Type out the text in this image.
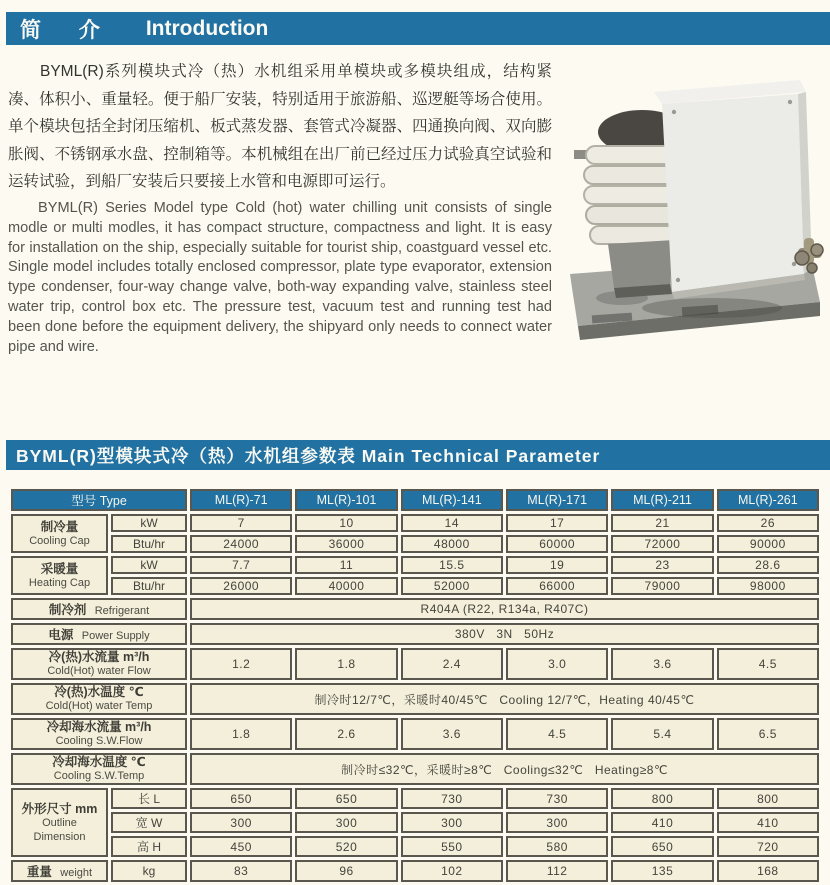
简 介 Introduction

BYML(R)系列模块式冷（热）水机组采用单模块或多模块组成，结构紧凑、体积小、重量轻。便于船厂安装，特别适用于旅游船、巡逻艇等场合使用。单个模块包括全封闭压缩机、板式蒸发器、套管式冷凝器、四通换向阀、双向膨胀阀、不锈钢承水盘、控制箱等。本机械组在出厂前已经过压力试验真空试验和运转试验，到船厂安装后只要接上水管和电源即可运行。

BYML(R) Series Model type Cold (hot) water chilling unit consists of single modle or multi modles, it has compact structure, compactness and light. It is easy for installation on the ship, especially suitable for tourist ship, coastguard vessel etc. Single model includes totally enclosed compressor, plate type evaporator, extension type condenser, four-way change valve, both-way expanding valve, stainless steel water trip, control box etc. The pressure test, vacuum test and running test had been done before the equipment delivery, the shipyard only needs to connect water pipe and wire.

BYML(R)型模块式冷（热）水机组参数表 Main Technical Parameter
型号 Type		ML(R)-71	ML(R)-101	ML(R)-141	ML(R)-171	ML(R)-211	ML(R)-261

制冷量
Cooling Cap	kW	7	10	14	17	21	26
	Btu/hr	24000	36000	48000	60000	72000	90000

采暖量
Heating Cap	kW	7.7	11	15.5	19	23	28.6
	Btu/hr	26000	40000	52000	66000	79000	98000
制冷剂 Refrigerant		R404A (R22, R134a, R407C)					
电源 Power Supply		380V   3N   50Hz					

冷(热)水流量 m³/h
Cold(Hot) water Flow		1.2	1.8	2.4	3.0	3.6	4.5

冷(热)水温度 ℃
Cold(Hot) water Temp		制冷时12/7℃，采暖时40/45℃   Cooling 12/7℃，Heating 40/45℃					

冷却海水流量 m³/h
Cooling S.W.Flow		1.8	2.6	3.6	4.5	5.4	6.5

冷却海水温度 ℃
Cooling S.W.Temp		制冷时≤32℃，采暖时≥8℃   Cooling≤32℃   Heating≥8℃					

外形尺寸 mm
Outline Dimension	长 L	650	650	730	730	800	800
	宽 W	300	300	300	300	410	410
	高 H	450	520	550	580	650	720
重量 weight	kg	83	96	102	112	135	168
